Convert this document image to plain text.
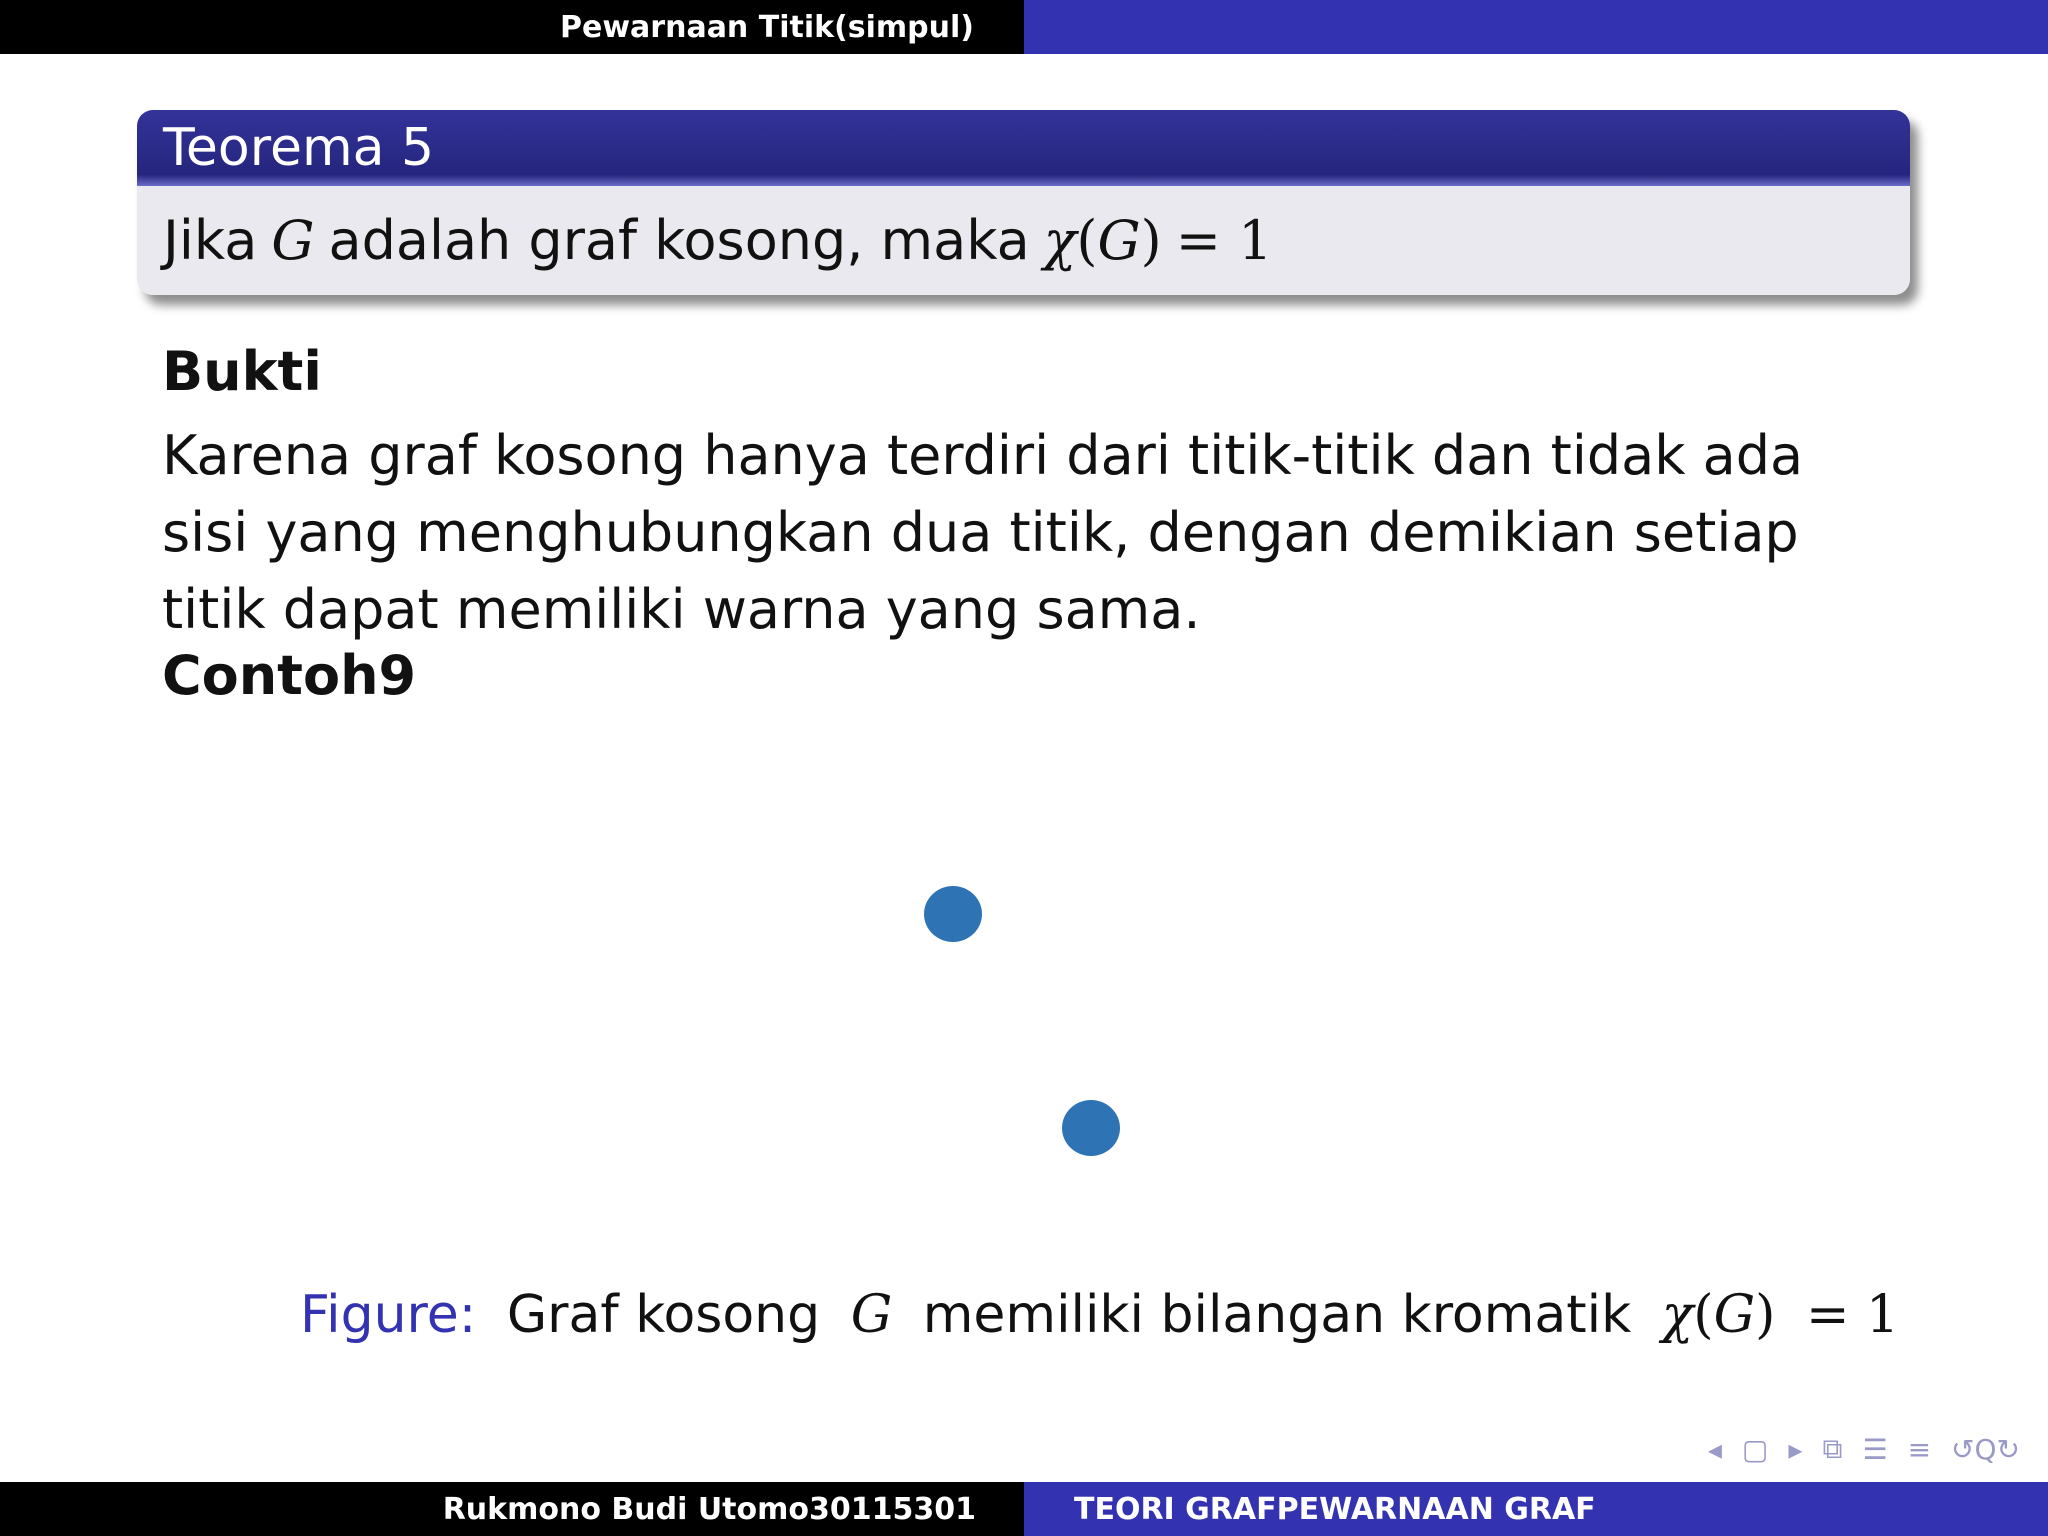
Pewarnaan Titik(simpul)
Teorema 5
Jika G adalah graf kosong, maka χ ( G ) = 1
Bukti
Karena graf kosong hanya terdiri dari titik-titik dan tidak ada sisi yang menghubungkan dua titik, dengan demikian setiap titik dapat memiliki warna yang sama.
Contoh9
Figure: Graf kosong G memiliki bilangan kromatik χ(G) = 1
◂ ▢ ▸ ⧉ ☰ ≡ ↺Q↻
Rukmono Budi Utomo30115301	TEORI GRAFPEWARNAAN GRAF
